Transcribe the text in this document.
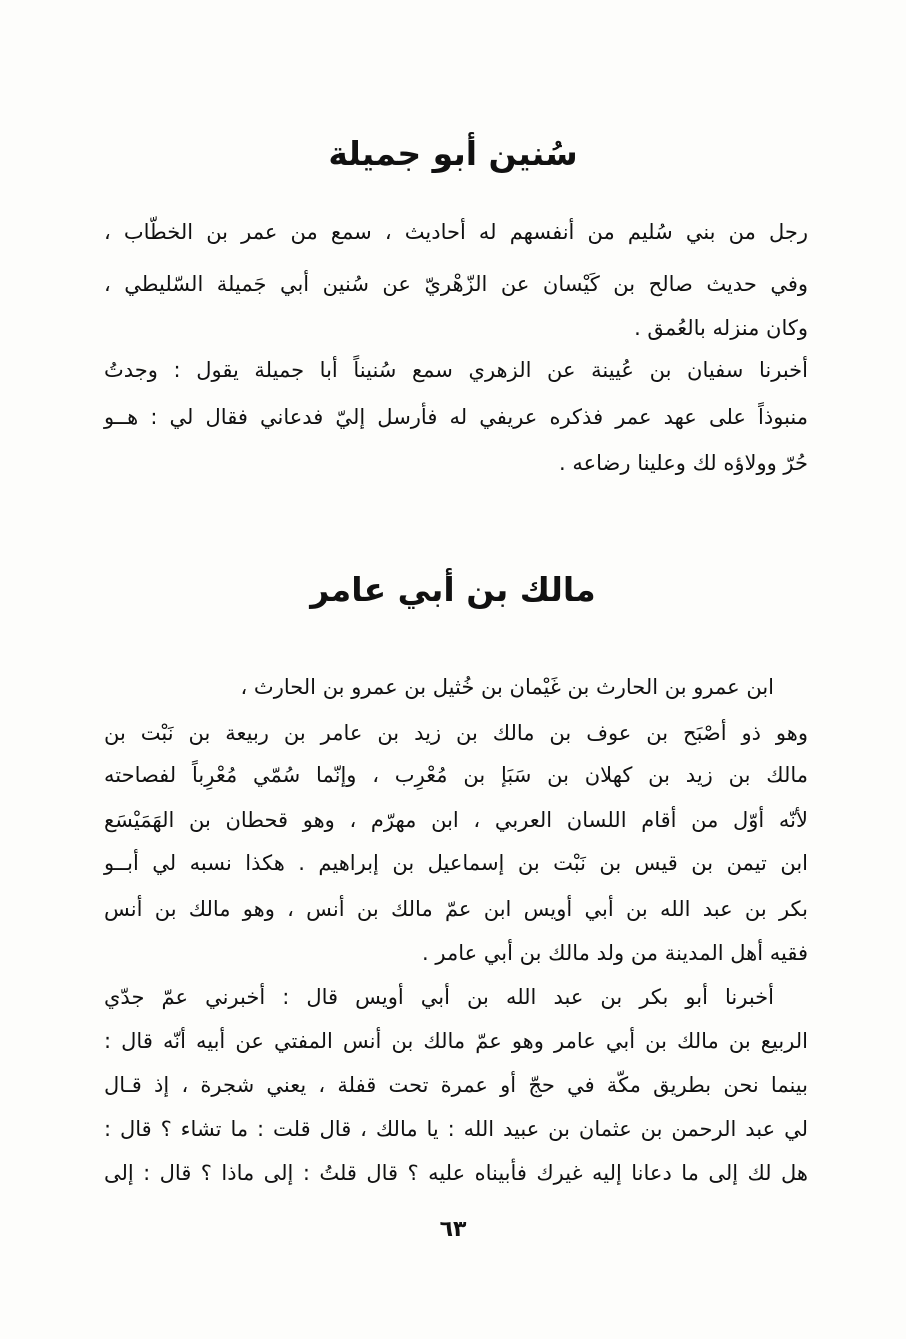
سُنين أبو جميلة

رجل من بني سُليم من أنفسهم له أحاديث ، سمع من عمر بن الخطّاب ،

وفي حديث صالح بن كَيْسان عن الزّهْريّ عن سُنين أبي جَميلة السّليطي ،

وكان منزله بالعُمق .

أخبرنا سفيان بن عُيينة عن الزهري سمع سُنيناً أبا جميلة يقول : وجدتُ

منبوذاً على عهد عمر فذكره عريفي له فأرسل إليّ فدعاني فقال لي : هــو

حُرّ وولاؤه لك وعلينا رضاعه .

مالك بن أبي عامر

ابن عمرو بن الحارث بن غَيْمان بن خُثيل بن عمرو بن الحارث ،

وهو ذو أصْبَح بن عوف بن مالك بن زيد بن عامر بن ربيعة بن نَبْت بن

مالك بن زيد بن كهلان بن سَبَإ بن مُعْرِب ، وإنّما سُمّي مُعْرِباً لفصاحته

لأنّه أوّل من أقام اللسان العربي ، ابن مهرّم ، وهو قحطان بن الهَمَيْسَع

ابن تيمن بن قيس بن نَبْت بن إسماعيل بن إبراهيم . هكذا نسبه لي أبــو

بكر بن عبد الله بن أبي أويس ابن عمّ مالك بن أنس ، وهو مالك بن أنس

فقيه أهل المدينة من ولد مالك بن أبي عامر .

أخبرنا أبو بكر بن عبد الله بن أبي أويس قال : أخبرني عمّ جدّي

الربيع بن مالك بن أبي عامر وهو عمّ مالك بن أنس المفتي عن أبيه أنّه قال :

بينما نحن بطريق مكّة في حجّ أو عمرة تحت قفلة ، يعني شجرة ، إذ قـال

لي عبد الرحمن بن عثمان بن عبيد الله : يا مالك ، قال قلت : ما تشاء ؟ قال :

هل لك إلى ما دعانا إليه غيرك فأبيناه عليه ؟ قال قلتُ : إلى ماذا ؟ قال : إلى

٦٣
